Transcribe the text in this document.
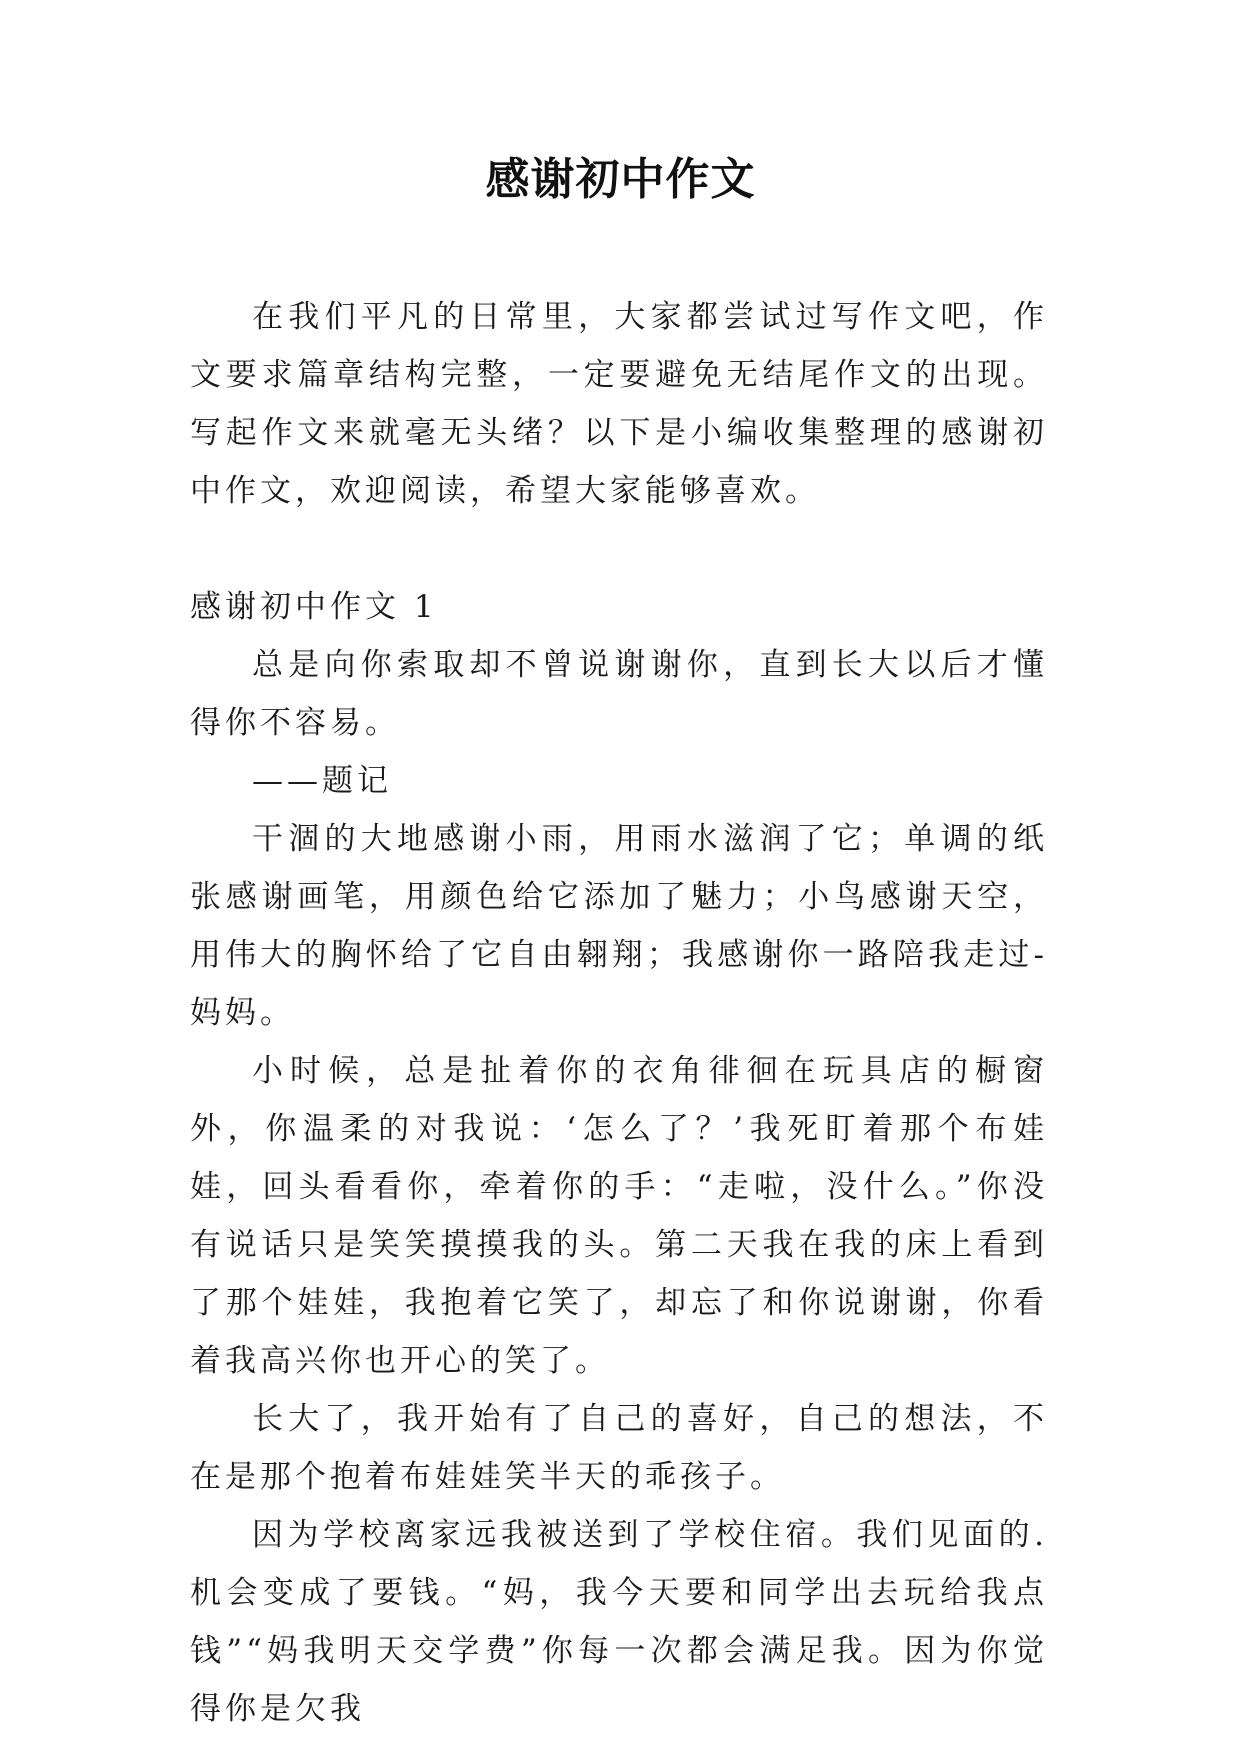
感谢初中作文

在我们平凡的日常里，大家都尝试过写作文吧，作文要求篇章结构完整，一定要避免无结尾作文的出现。写起作文来就毫无头绪？以下是小编收集整理的感谢初中作文，欢迎阅读，希望大家能够喜欢。

感谢初中作文 1

总是向你索取却不曾说谢谢你，直到长大以后才懂得你不容易。

——题记

干涸的大地感谢小雨，用雨水滋润了它；单调的纸张感谢画笔，用颜色给它添加了魅力；小鸟感谢天空，用伟大的胸怀给了它自由翱翔；我感谢你一路陪我走过-妈妈。

小时候，总是扯着你的衣角徘徊在玩具店的橱窗外，你温柔的对我说：‘怎么了？’我死盯着那个布娃娃，回头看看你，牵着你的手：“走啦，没什么。”你没有说话只是笑笑摸摸我的头。第二天我在我的床上看到了那个娃娃，我抱着它笑了，却忘了和你说谢谢，你看着我高兴你也开心的笑了。

长大了，我开始有了自己的喜好，自己的想法，不在是那个抱着布娃娃笑半天的乖孩子。

因为学校离家远我被送到了学校住宿。我们见面的.机会变成了要钱。“妈，我今天要和同学出去玩给我点钱”“妈我明天交学费”你每一次都会满足我。因为你觉得你是欠我
